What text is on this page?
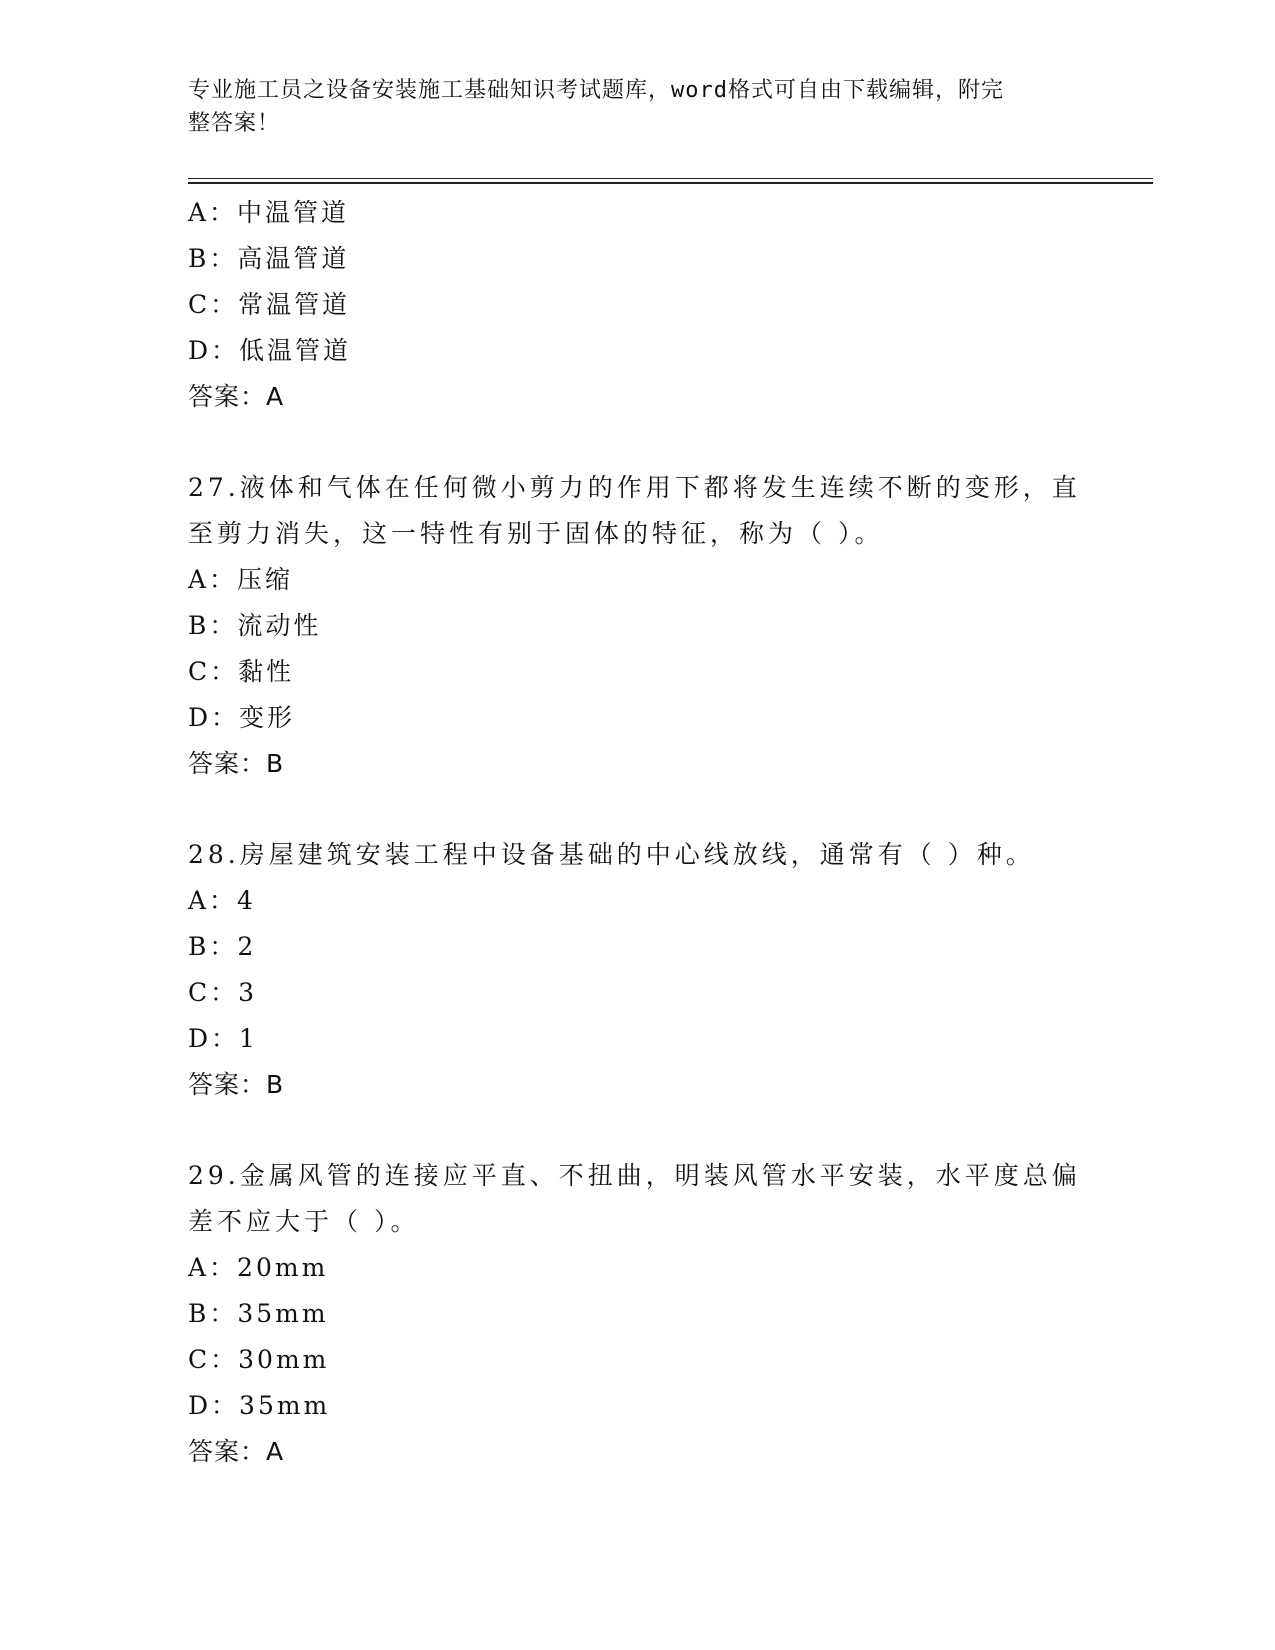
专业施工员之设备安装施工基础知识考试题库，word格式可自由下载编辑，附完
整答案！
A：中温管道
B：高温管道
C：常温管道
D：低温管道
答案：A
27.液体和气体在任何微小剪力的作用下都将发生连续不断的变形，直
至剪力消失，这一特性有别于固体的特征，称为（ ）。
A：压缩
B：流动性
C：黏性
D：变形
答案：B
28.房屋建筑安装工程中设备基础的中心线放线，通常有（ ）种。
A：4
B：2
C：3
D：1
答案：B
29.金属风管的连接应平直、不扭曲，明装风管水平安装，水平度总偏
差不应大于（ ）。
A：20mm
B：35mm
C：30mm
D：35mm
答案：A
